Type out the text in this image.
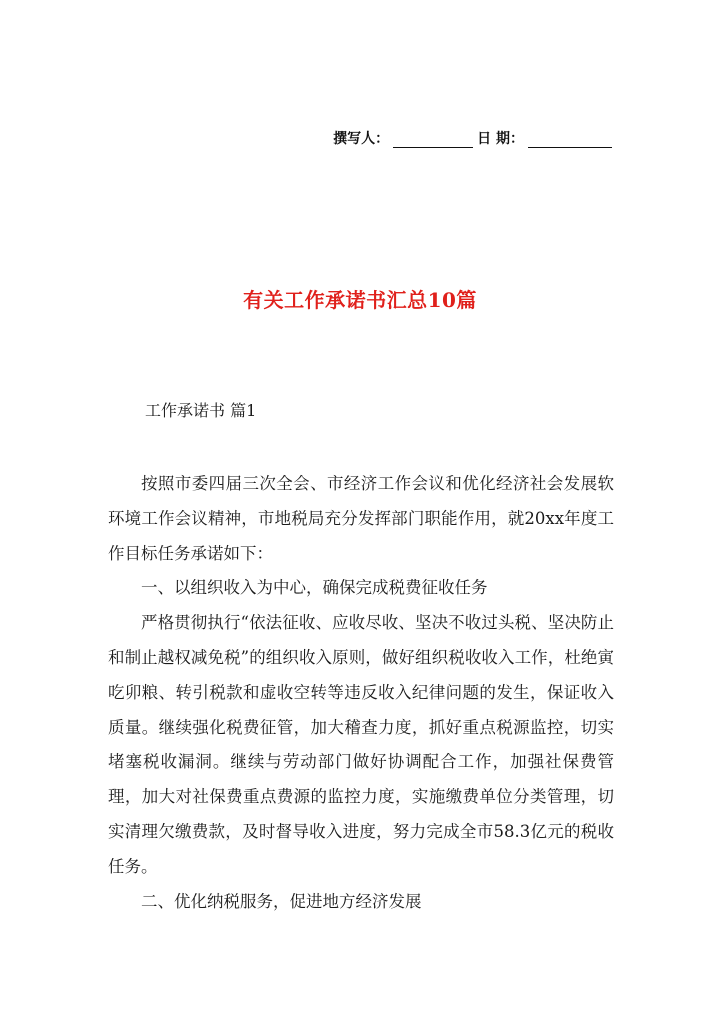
撰写人：	日 期：
有关工作承诺书汇总10篇
工作承诺书 篇1

按照市委四届三次全会、市经济工作会议和优化经济社会发展软环境工作会议精神，市地税局充分发挥部门职能作用，就20xx年度工作目标任务承诺如下：

一、以组织收入为中心，确保完成税费征收任务

严格贯彻执行“依法征收、应收尽收、坚决不收过头税、坚决防止和制止越权减免税”的组织收入原则，做好组织税收收入工作，杜绝寅吃卯粮、转引税款和虚收空转等违反收入纪律问题的发生，保证收入质量。继续强化税费征管，加大稽查力度，抓好重点税源监控，切实堵塞税收漏洞。继续与劳动部门做好协调配合工作，加强社保费管理，加大对社保费重点费源的监控力度，实施缴费单位分类管理，切实清理欠缴费款，及时督导收入进度，努力完成全市58.3亿元的税收任务。

二、优化纳税服务，促进地方经济发展
